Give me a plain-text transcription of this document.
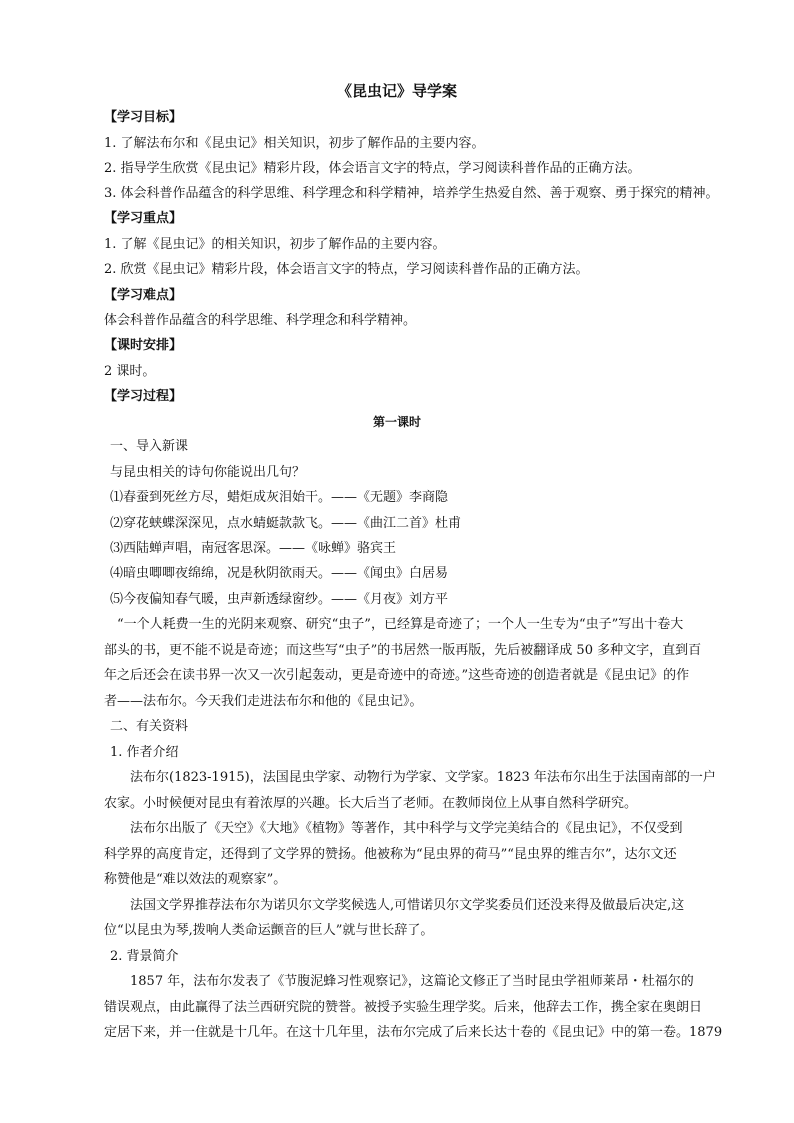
《昆虫记》导学案
【学习目标】
1. 了解法布尔和《昆虫记》相关知识，初步了解作品的主要内容。
2. 指导学生欣赏《昆虫记》精彩片段，体会语言文字的特点，学习阅读科普作品的正确方法。
3. 体会科普作品蕴含的科学思维、科学理念和科学精神，培养学生热爱自然、善于观察、勇于探究的精神。
【学习重点】
1. 了解《昆虫记》的相关知识，初步了解作品的主要内容。
2. 欣赏《昆虫记》精彩片段，体会语言文字的特点，学习阅读科普作品的正确方法。
【学习难点】
体会科普作品蕴含的科学思维、科学理念和科学精神。
【课时安排】
2 课时。
【学习过程】
第一课时
一、导入新课
与昆虫相关的诗句你能说出几句？
⑴春蚕到死丝方尽，蜡炬成灰泪始干。——《无题》李商隐
⑵穿花蛱蝶深深见，点水蜻蜓款款飞。——《曲江二首》杜甫
⑶西陆蝉声唱，南冠客思深。——《咏蝉》骆宾王
⑷暗虫唧唧夜绵绵，况是秋阴欲雨天。——《闻虫》白居易
⑸今夜偏知春气暖，虫声新透绿窗纱。——《月夜》刘方平
“一个人耗费一生的光阴来观察、研究“虫子”，已经算是奇迹了；一个人一生专为“虫子”写出十卷大
部头的书，更不能不说是奇迹；而这些写“虫子”的书居然一版再版，先后被翻译成 50 多种文字，直到百
年之后还会在读书界一次又一次引起轰动，更是奇迹中的奇迹。”这些奇迹的创造者就是《昆虫记》的作
者——法布尔。今天我们走进法布尔和他的《昆虫记》。
二、有关资料
1. 作者介绍
法布尔(1823-1915)，法国昆虫学家、动物行为学家、文学家。1823 年法布尔出生于法国南部的一户
农家。小时候便对昆虫有着浓厚的兴趣。长大后当了老师。在教师岗位上从事自然科学研究。
法布尔出版了《天空》《大地》《植物》等著作，其中科学与文学完美结合的《昆虫记》，不仅受到
科学界的高度肯定，还得到了文学界的赞扬。他被称为“昆虫界的荷马”“昆虫界的维吉尔”，达尔文还
称赞他是“难以效法的观察家”。
法国文学界推荐法布尔为诺贝尔文学奖候选人,可惜诺贝尔文学奖委员们还没来得及做最后决定,这
位“以昆虫为琴,拨响人类命运颤音的巨人”就与世长辞了。
2. 背景简介
1857 年，法布尔发表了《节腹泥蜂习性观察记》，这篇论文修正了当时昆虫学祖师莱昂・杜福尔的
错误观点，由此赢得了法兰西研究院的赞誉。被授予实验生理学奖。后来，他辞去工作，携全家在奥朗日
定居下来，并一住就是十几年。在这十几年里，法布尔完成了后来长达十卷的《昆虫记》中的第一卷。1879
